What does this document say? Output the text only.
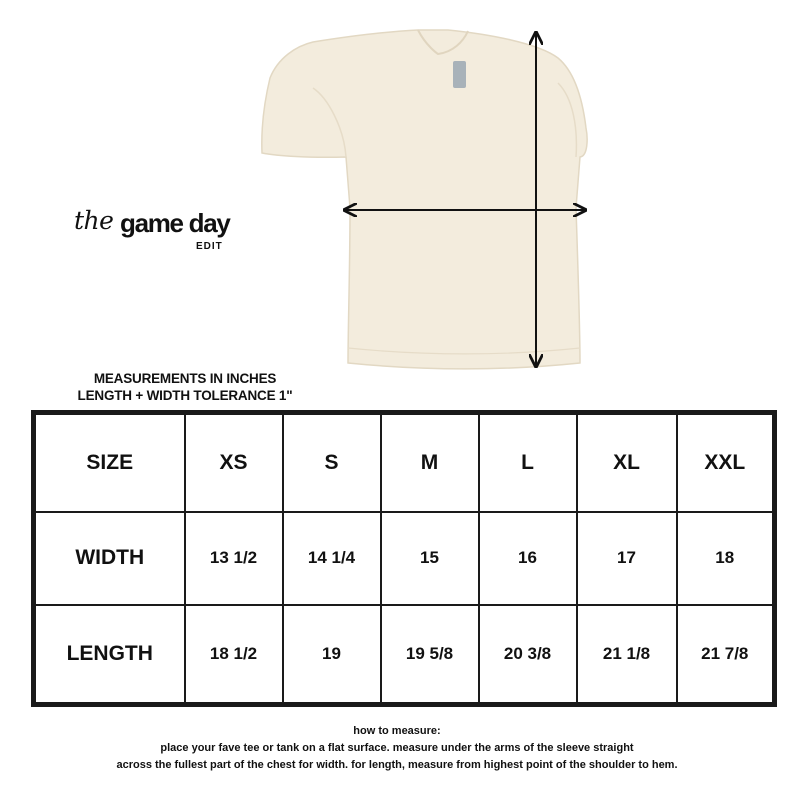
the game day
EDIT
MEASUREMENTS IN INCHES
LENGTH + WIDTH TOLERANCE 1"
SIZE	XS	S	M	L	XL	XXL
WIDTH	13 1/2	14 1/4	15	16	17	18
LENGTH	18 1/2	19	19 5/8	20 3/8	21 1/8	21 7/8
how to measure:
place your fave tee or tank on a flat surface. measure under the arms of the sleeve straight
across the fullest part of the chest for width. for length, measure from highest point of the shoulder to hem.
